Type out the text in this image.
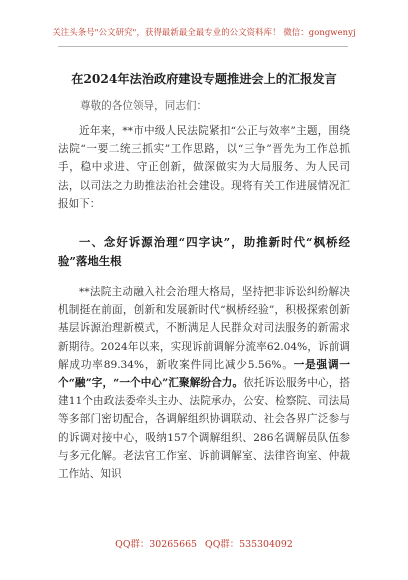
关注头条号"公文研究"，获得最新最全最专业的公文资料库！ 微信：gongwenyj
在2024年法治政府建设专题推进会上的汇报发言
尊敬的各位领导，同志们：

近年来，**市中级人民法院紧扣“公正与效率”主题，围绕法院“一要二统三抓实”工作思路，以“三争”晋先为工作总抓手，稳中求进、守正创新，做深做实为大局服务、为人民司法，以司法之力助推法治社会建设。现将有关工作进展情况汇报如下：

一、念好诉源治理“四字诀”，助推新时代“枫桥经验”落地生根

**法院主动融入社会治理大格局，坚持把非诉讼纠纷解决机制挺在前面，创新和发展新时代“枫桥经验”，积极探索创新基层诉源治理新模式，不断满足人民群众对司法服务的新需求新期待。2024年以来，实现诉前调解分流率62.04%，诉前调解成功率89.34%，新收案件同比减少5.56%。一是强调一个“融”字，“一个中心”汇聚解纷合力。依托诉讼服务中心，搭建11个由政法委牵头主办、法院承办，公安、检察院、司法局等多部门密切配合，各调解组织协调联动、社会各界广泛参与的诉调对接中心，吸纳157个调解组织、286名调解员队伍参与多元化解。老法官工作室、诉前调解室、法律咨询室、仲裁工作站、知识

QQ群：30265665 QQ群：535304092
